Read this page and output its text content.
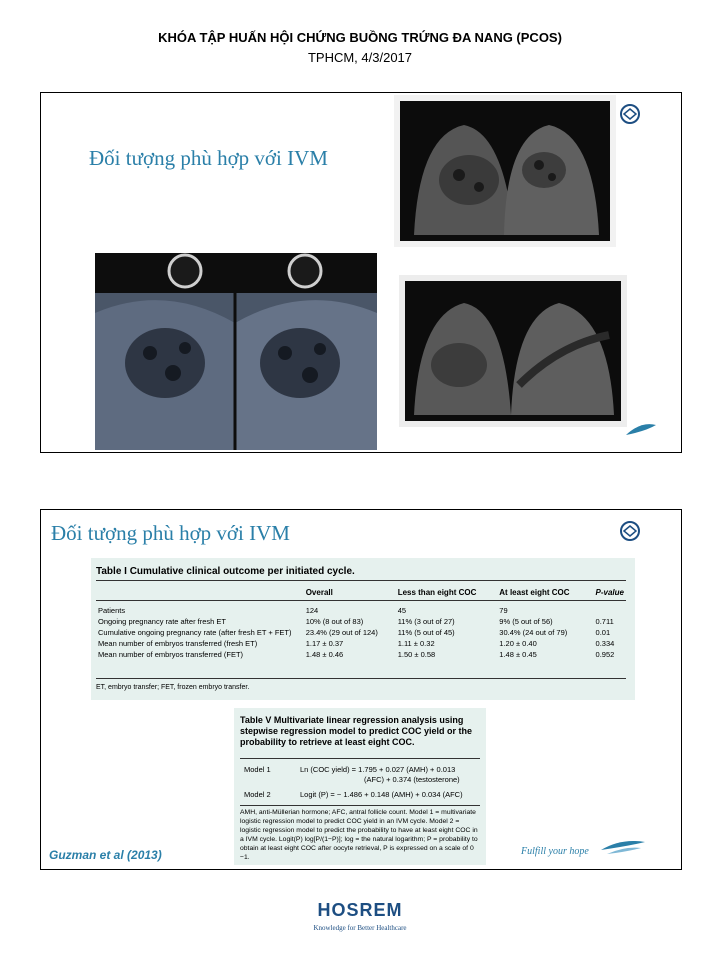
KHÓA TẬP HUẤN HỘI CHỨNG BUỒNG TRỨNG ĐA NANG (PCOS)
TPHCM, 4/3/2017
Đối tượng phù hợp với IVM
Đối tượng phù hợp với IVM
Table I Cumulative clinical outcome per initiated cycle.
	Overall	Less than eight COC	At least eight COC	P-value
Patients	124	45	79	
Ongoing pregnancy rate after fresh ET	10% (8 out of 83)	11% (3 out of 27)	9% (5 out of 56)	0.711
Cumulative ongoing pregnancy rate (after fresh ET + FET)	23.4% (29 out of 124)	11% (5 out of 45)	30.4% (24 out of 79)	0.01
Mean number of embryos transferred (fresh ET)	1.17 ± 0.37	1.11 ± 0.32	1.20 ± 0.40	0.334
Mean number of embryos transferred (FET)	1.48 ± 0.46	1.50 ± 0.58	1.48 ± 0.45	0.952
ET, embryo transfer; FET, frozen embryo transfer.
Table V Multivariate linear regression analysis using stepwise regression model to predict COC yield or the probability to retrieve at least eight COC.
Model 1	Ln (COC yield) = 1.795 + 0.027 (AMH) + 0.013
(AFC) + 0.374 (testosterone)
Model 2	Logit (P) = − 1.486 + 0.148 (AMH) + 0.034 (AFC)
AMH, anti-Müllerian hormone; AFC, antral follicle count. Model 1 = multivariate logistic regression model to predict COC yield in an IVM cycle. Model 2 = logistic regression model to predict the probability to have at least eight COC in a IVM cycle. Logit(P) log[P/(1−P)]; log = the natural logarithm; P = probability to obtain at least eight COC after oocyte retrieval, P is expressed on a scale of 0 −1.
Guzman et al (2013)	Fulfill your hope
HOSREM
Knowledge for Better Healthcare
